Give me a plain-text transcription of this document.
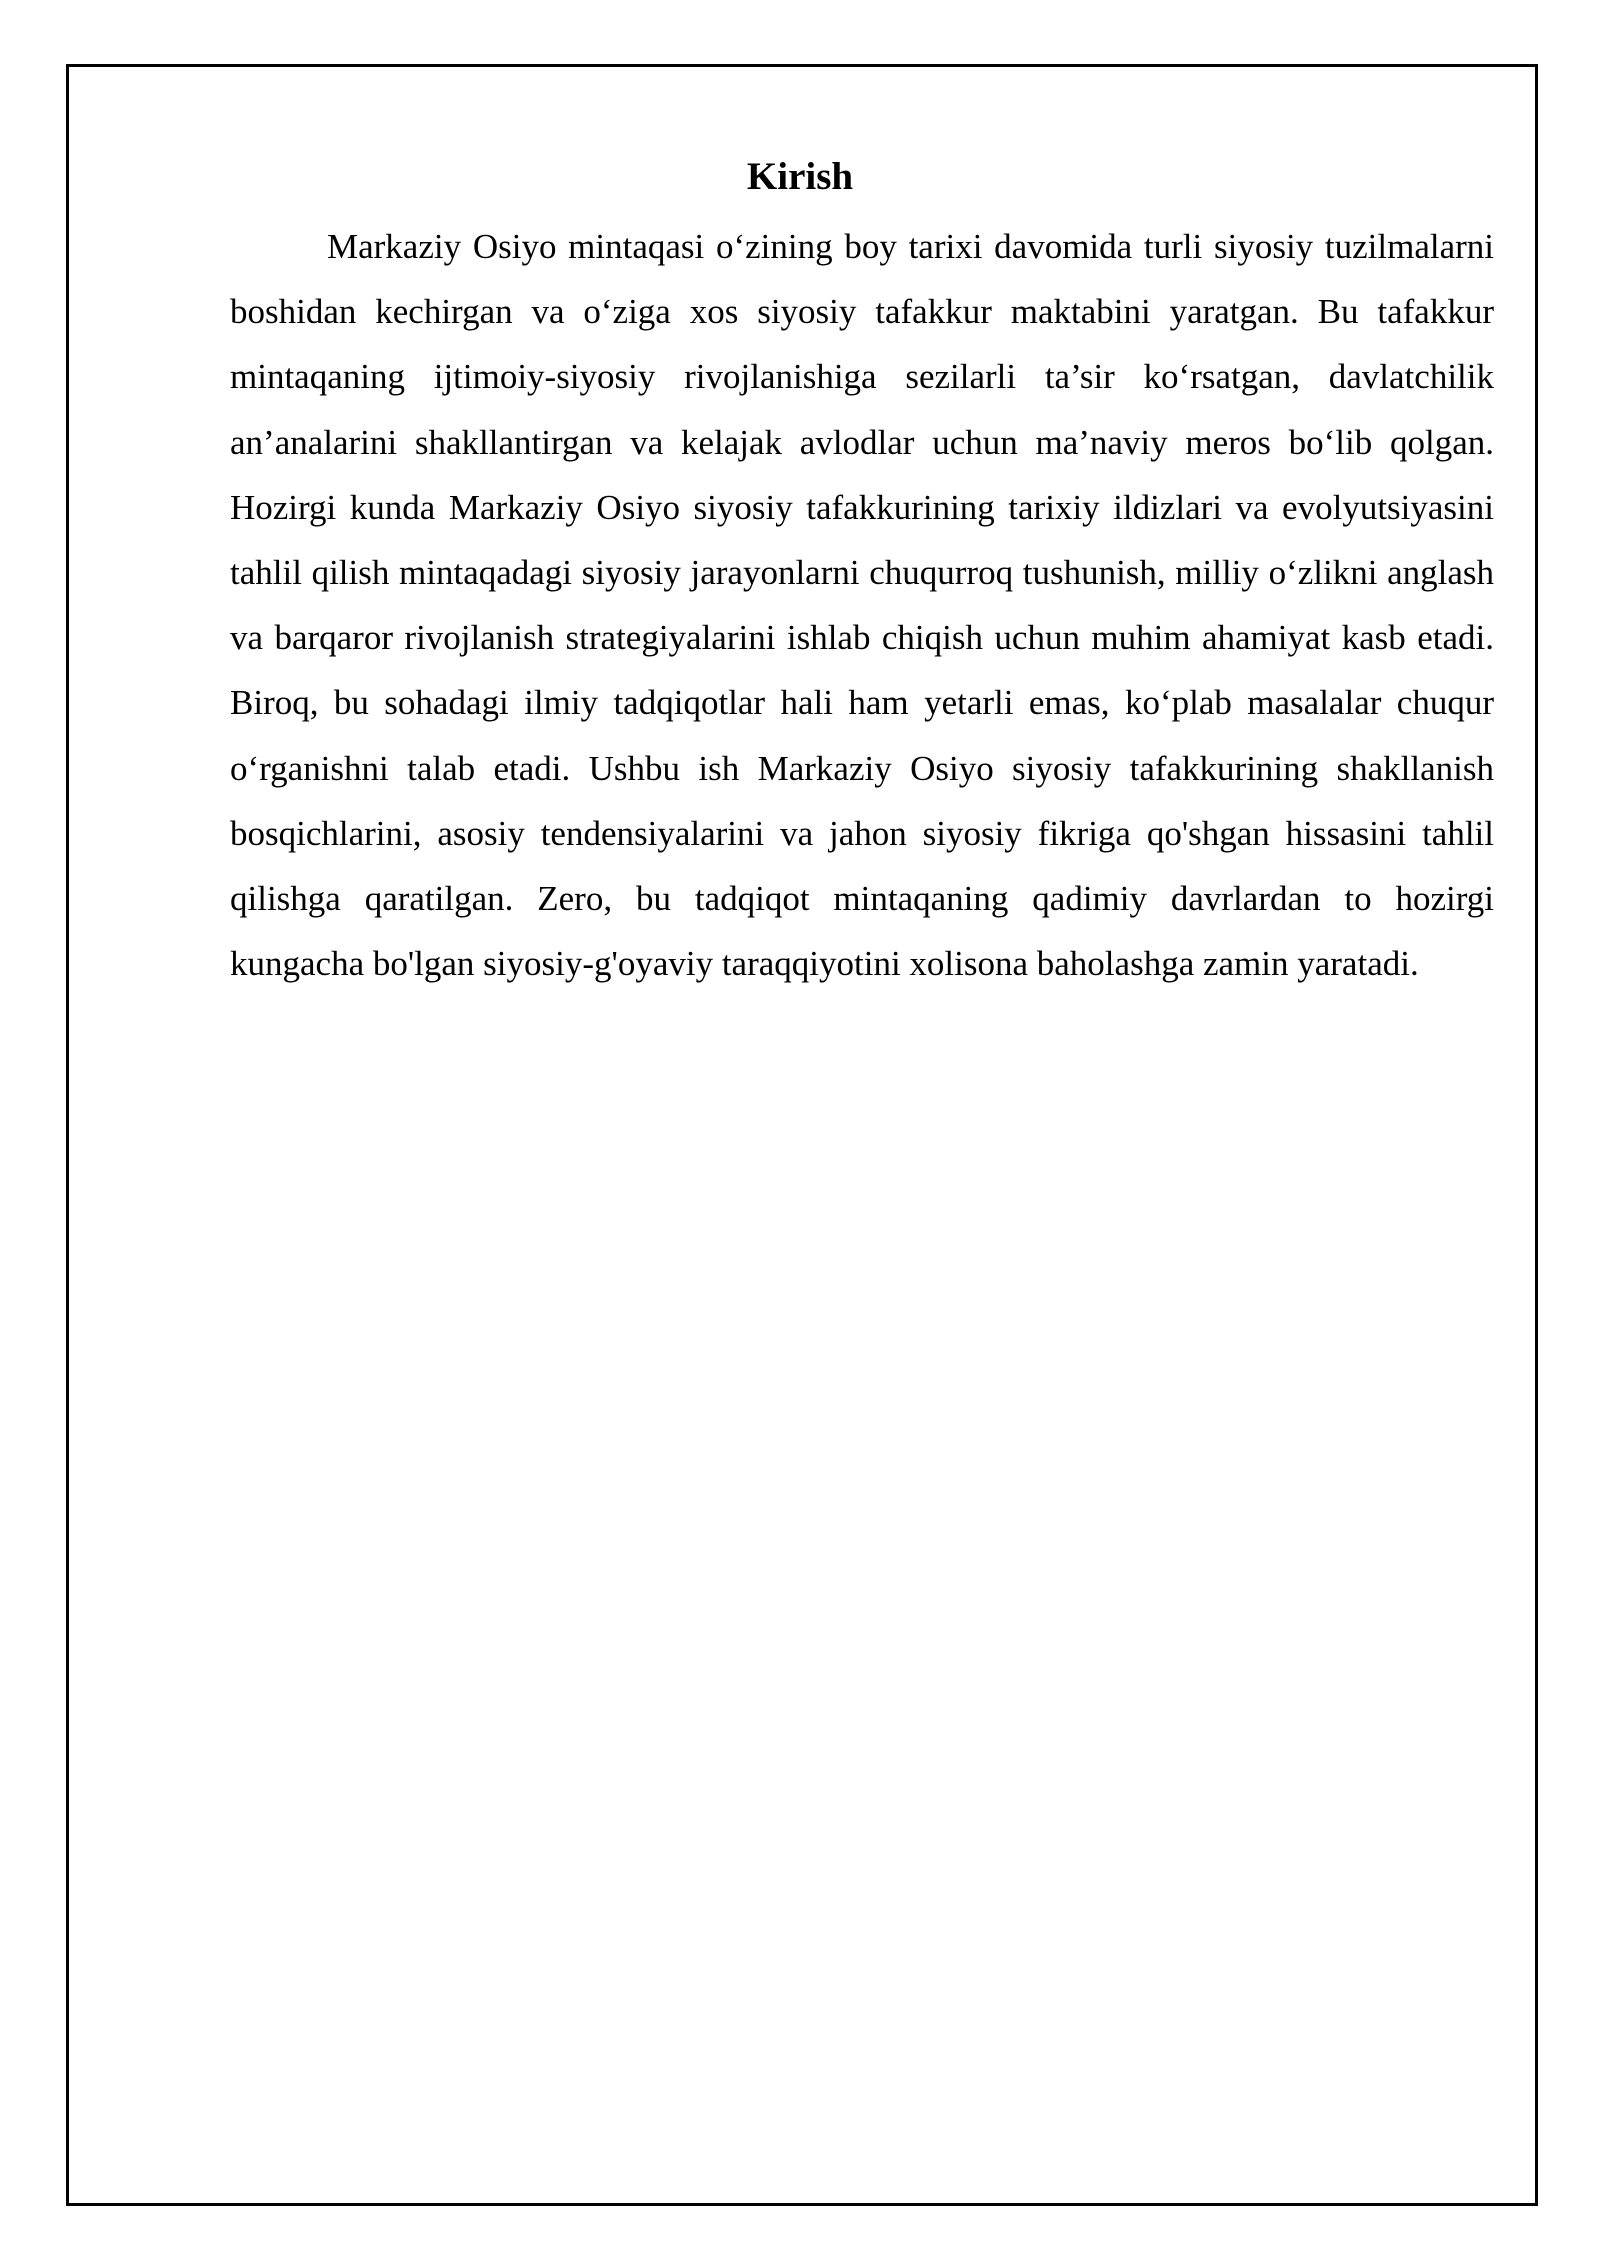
Kirish

Markaziy Osiyo mintaqasi o‘zining boy tarixi davomida turli siyosiy tuzilmalarni boshidan kechirgan va o‘ziga xos siyosiy tafakkur maktabini yaratgan. Bu tafakkur mintaqaning ijtimoiy-siyosiy rivojlanishiga sezilarli ta’sir ko‘rsatgan, davlatchilik an’analarini shakllantirgan va kelajak avlodlar uchun ma’naviy meros bo‘lib qolgan. Hozirgi kunda Markaziy Osiyo siyosiy tafakkurining tarixiy ildizlari va evolyutsiyasini tahlil qilish mintaqadagi siyosiy jarayonlarni chuqurroq tushunish, milliy o‘zlikni anglash va barqaror rivojlanish strategiyalarini ishlab chiqish uchun muhim ahamiyat kasb etadi. Biroq, bu sohadagi ilmiy tadqiqotlar hali ham yetarli emas, ko‘plab masalalar chuqur o‘rganishni talab etadi. Ushbu ish Markaziy Osiyo siyosiy tafakkurining shakllanish bosqichlarini, asosiy tendensiyalarini va jahon siyosiy fikriga qo'shgan hissasini tahlil qilishga qaratilgan. Zero, bu tadqiqot mintaqaning qadimiy davrlardan to hozirgi kungacha bo'lgan siyosiy-g'oyaviy taraqqiyotini xolisona baholashga zamin yaratadi.
